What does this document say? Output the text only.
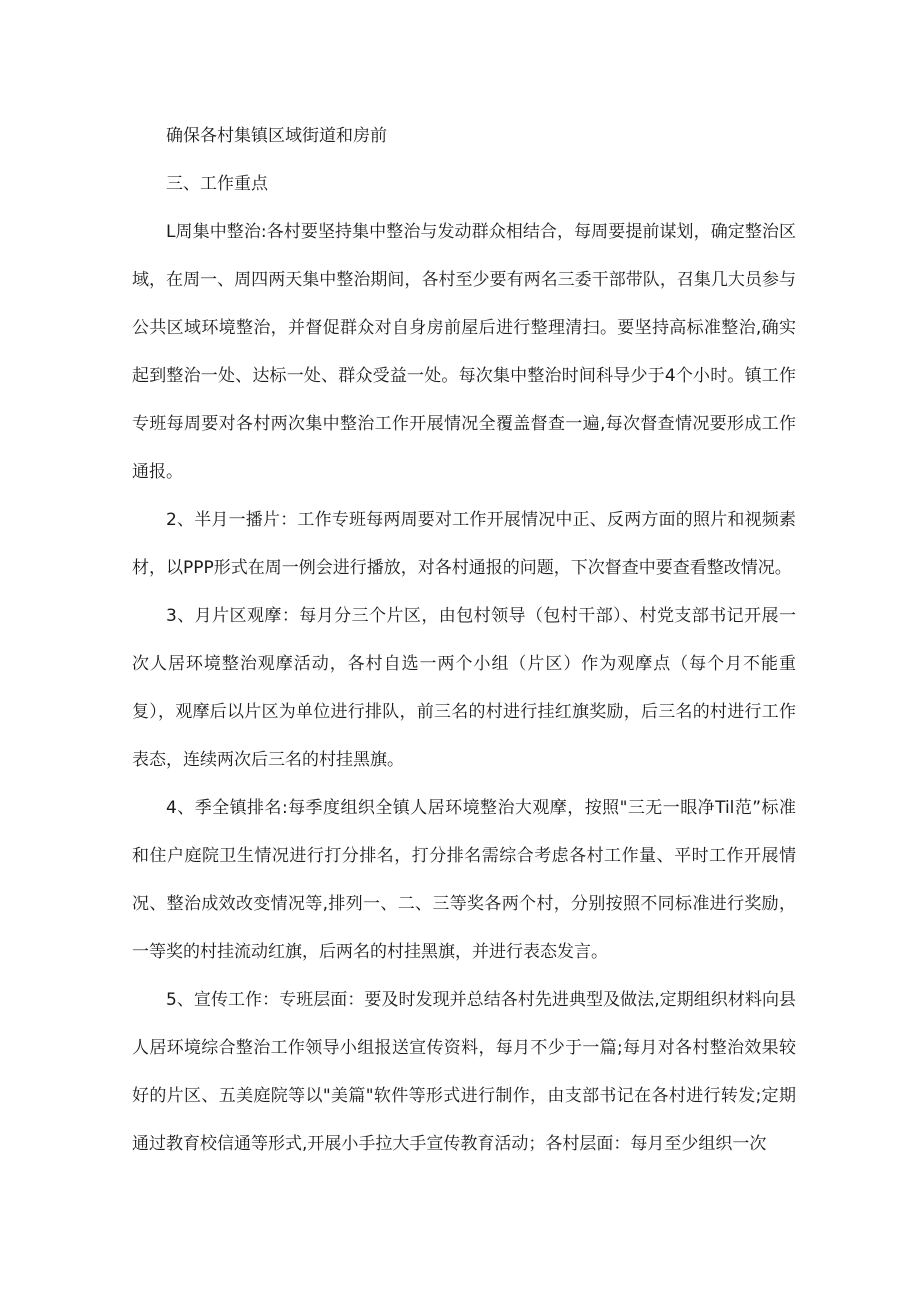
确保各村集镇区域街道和房前

三、工作重点

L周集中整治:各村要坚持集中整治与发动群众相结合，每周要提前谋划，确定整治区域，在周一、周四两天集中整治期间，各村至少要有两名三委干部带队，召集几大员参与公共区域环境整治，并督促群众对自身房前屋后进行整理清扫。要坚持高标准整治,确实起到整治一处、达标一处、群众受益一处。每次集中整治时间科导少于4个小时。镇工作专班每周要对各村两次集中整治工作开展情况全覆盖督查一遍,每次督查情况要形成工作通报。

2、半月一播片：工作专班每两周要对工作开展情况中正、反两方面的照片和视频素材，以PPP形式在周一例会进行播放，对各村通报的问题，下次督查中要查看整改情况。

3、月片区观摩：每月分三个片区，由包村领导（包村干部）、村党支部书记开展一次人居环境整治观摩活动，各村自选一两个小组（片区）作为观摩点（每个月不能重复），观摩后以片区为单位进行排队，前三名的村进行挂红旗奖励，后三名的村进行工作表态，连续两次后三名的村挂黑旗。

4、季全镇排名:每季度组织全镇人居环境整治大观摩，按照"三无一眼净Til范”标准和住户庭院卫生情况进行打分排名，打分排名需综合考虑各村工作量、平时工作开展情况、整治成效改变情况等,排列一、二、三等奖各两个村，分别按照不同标准进行奖励，一等奖的村挂流动红旗，后两名的村挂黑旗，并进行表态发言。

5、宣传工作：专班层面：要及时发现并总结各村先进典型及做法,定期组织材料向县人居环境综合整治工作领导小组报送宣传资料，每月不少于一篇;每月对各村整治效果较好的片区、五美庭院等以"美篇"软件等形式进行制作，由支部书记在各村进行转发;定期通过教育校信通等形式,开展小手拉大手宣传教育活动；各村层面：每月至少组织一次
